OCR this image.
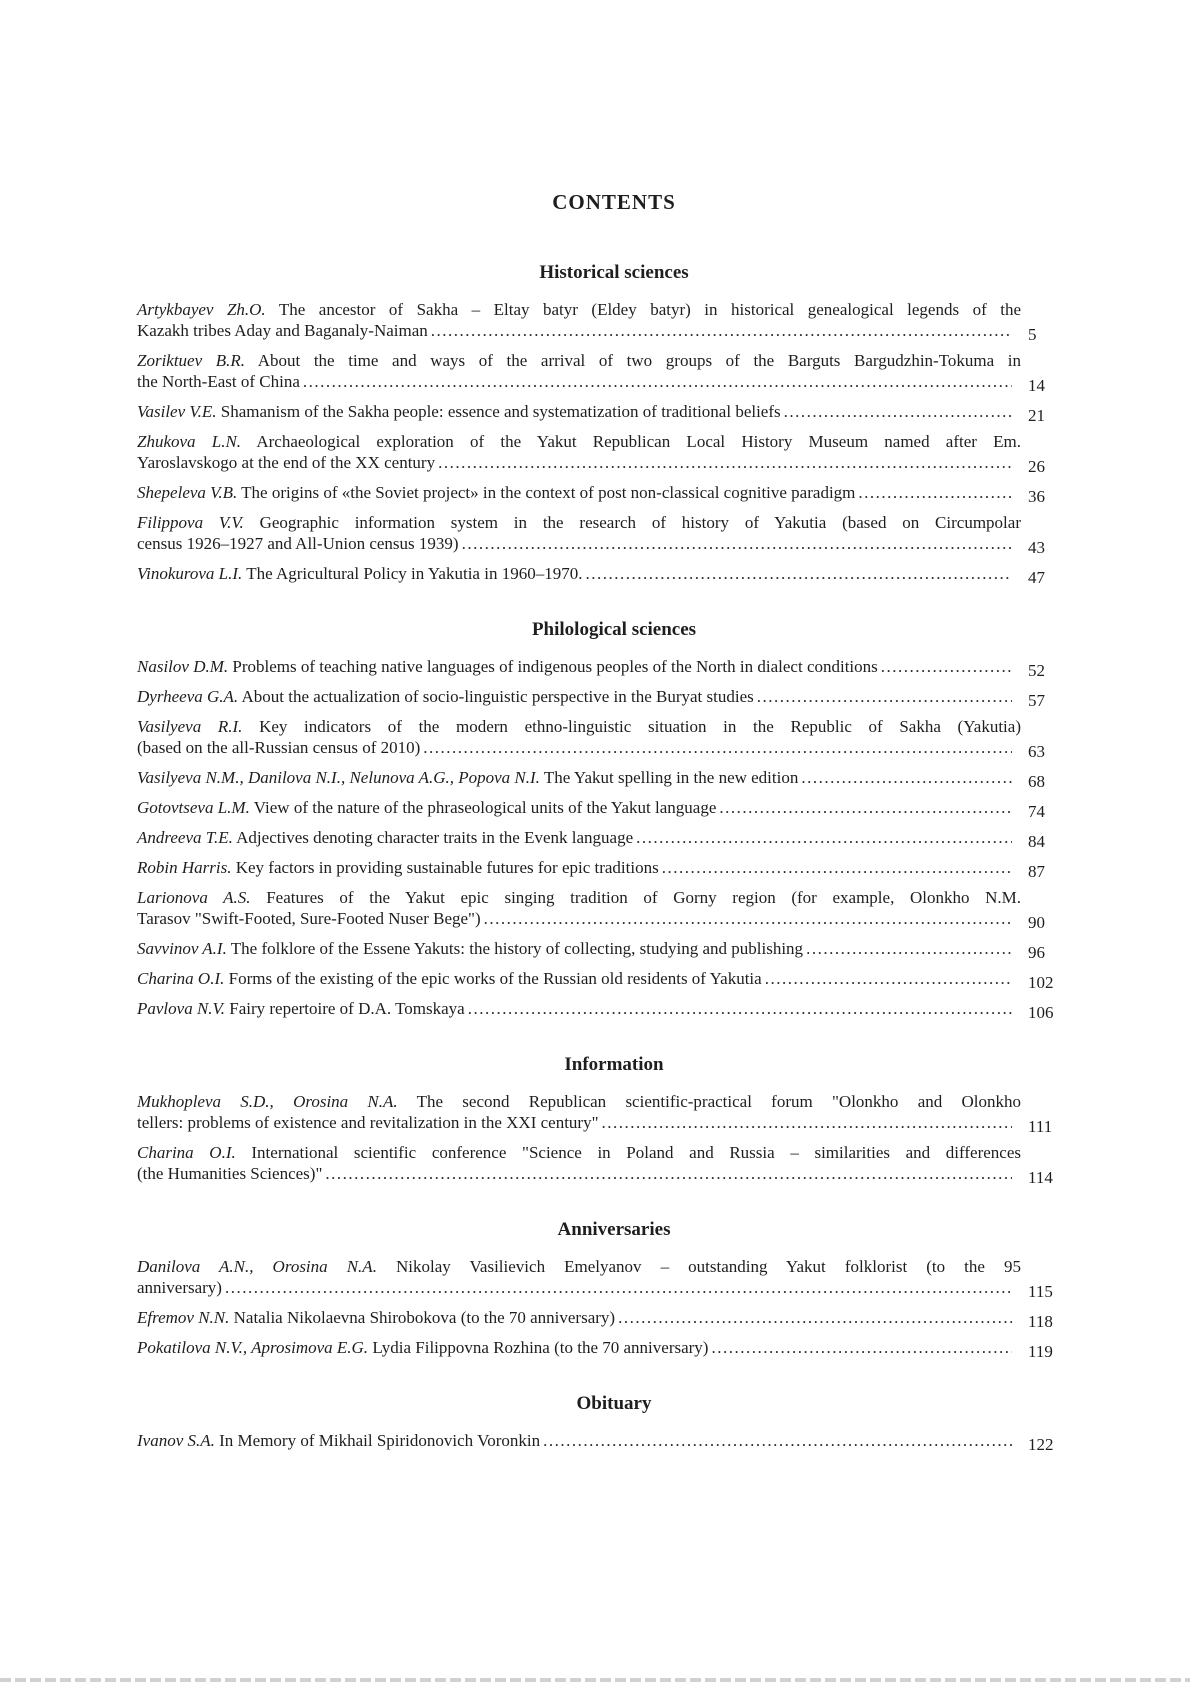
CONTENTS
Historical sciences
Artykbayev Zh.O. The ancestor of Sakha – Eltay batyr (Eldey batyr) in historical genealogical legends of the
Kazakh tribes Aday and Baganaly-Naiman .....	5
Zoriktuev B.R. About the time and ways of the arrival of two groups of the Barguts Bargudzhin-Tokuma in
the North-East of China .....	14
Vasilev V.E. Shamanism of the Sakha people: essence and systematization of traditional beliefs .....	21
Zhukova L.N. Archaeological exploration of the Yakut Republican Local History Museum named after Em.
Yaroslavskogo at the end of the XX century .....	26
Shepeleva V.B. The origins of «the Soviet project» in the context of post non-classical cognitive paradigm .....	36
Filippova V.V. Geographic information system in the research of history of Yakutia (based on Circumpolar
census 1926–1927 and All-Union census 1939) .....	43
Vinokurova L.I. The Agricultural Policy in Yakutia in 1960–1970. .....	47
Philological sciences
Nasilov D.M. Problems of teaching native languages of indigenous peoples of the North in dialect conditions .....	52
Dyrheeva G.A. About the actualization of socio-linguistic perspective in the Buryat studies .....	57
Vasilyeva R.I. Key indicators of the modern ethno-linguistic situation in the Republic of Sakha (Yakutia)
(based on the all-Russian census of 2010) .....	63
Vasilyeva N.M., Danilova N.I., Nelunova A.G., Popova N.I. The Yakut spelling in the new edition .....	68
Gotovtseva L.M. View of the nature of the phraseological units of the Yakut language .....	74
Andreeva T.E. Adjectives denoting character traits in the Evenk language .....	84
Robin Harris. Key factors in providing sustainable futures for epic traditions .....	87
Larionova A.S. Features of the Yakut epic singing tradition of Gorny region (for example, Olonkho N.M.
Tarasov "Swift-Footed, Sure-Footed Nuser Bege") .....	90
Savvinov A.I. The folklore of the Essene Yakuts: the history of collecting, studying and publishing .....	96
Charina O.I. Forms of the existing of the epic works of the Russian old residents of Yakutia .....	102
Pavlova N.V. Fairy repertoire of D.A. Tomskaya .....	106
Information
Mukhopleva S.D., Orosina N.A. The second Republican scientific-practical forum "Olonkho and Olonkho
tellers: problems of existence and revitalization in the XXI century" .....	111
Charina O.I. International scientific conference "Science in Poland and Russia – similarities and differences
(the Humanities Sciences)" .....	114
Anniversaries
Danilova A.N., Orosina N.A. Nikolay Vasilievich Emelyanov – outstanding Yakut folklorist (to the 95
anniversary) .....	115
Efremov N.N. Natalia Nikolaevna Shirobokova (to the 70 anniversary) .....	118
Pokatilova N.V., Aprosimova E.G. Lydia Filippovna Rozhina (to the 70 anniversary) .....	119
Obituary
Ivanov S.A. In Memory of Mikhail Spiridonovich Voronkin .....	122
